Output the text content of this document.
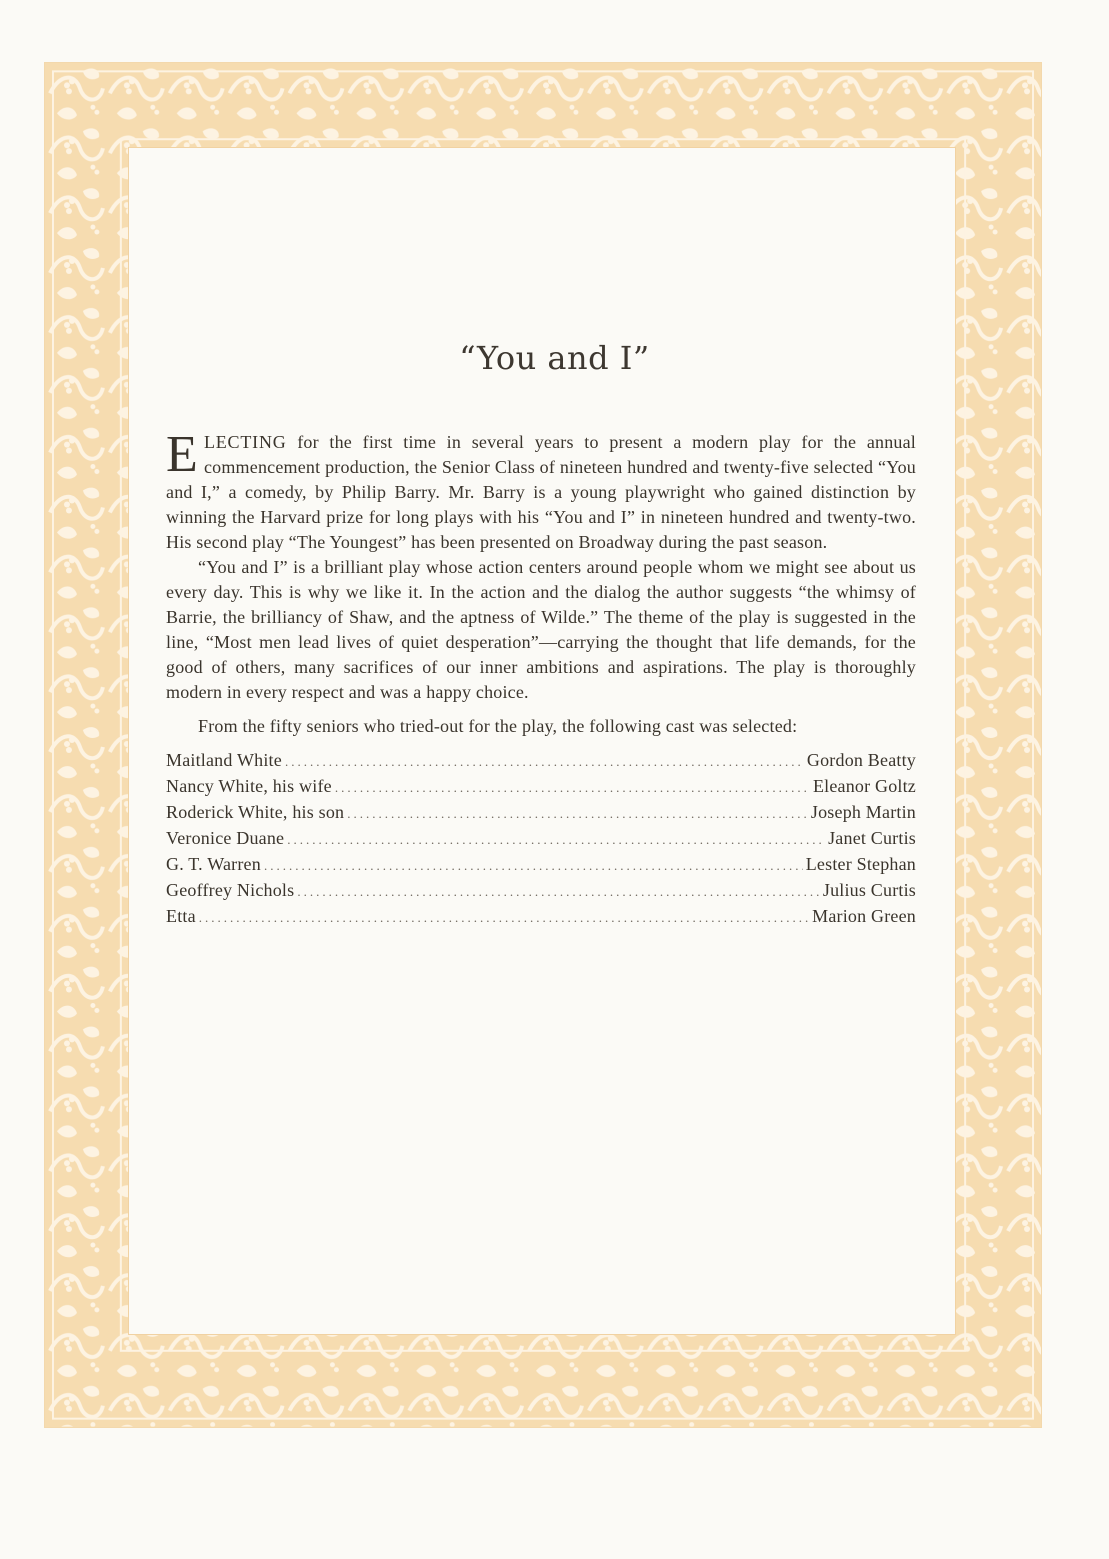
“You and I”

ELECTING for the first time in several years to present a modern play for the annual commencement production, the Senior Class of nineteen hundred and twenty-five selected “You and I,” a comedy, by Philip Barry. Mr. Barry is a young playwright who gained distinction by winning the Harvard prize for long plays with his “You and I” in nineteen hundred and twenty-two. His second play “The Youngest” has been presented on Broadway during the past season.

“You and I” is a brilliant play whose action centers around people whom we might see about us every day. This is why we like it. In the action and the dialog the author suggests “the whimsy of Barrie, the brilliancy of Shaw, and the aptness of Wilde.” The theme of the play is suggested in the line, “Most men lead lives of quiet desperation”—carrying the thought that life demands, for the good of others, many sacrifices of our inner ambitions and aspirations. The play is thoroughly modern in every respect and was a happy choice.

From the fifty seniors who tried-out for the play, the following cast was selected:

Maitland White .....	Gordon Beatty
Nancy White, his wife .....	Eleanor Goltz
Roderick White, his son .....	Joseph Martin
Veronice Duane .....	Janet Curtis
G. T. Warren .....	Lester Stephan
Geoffrey Nichols .....	Julius Curtis
Etta .....	Marion Green
